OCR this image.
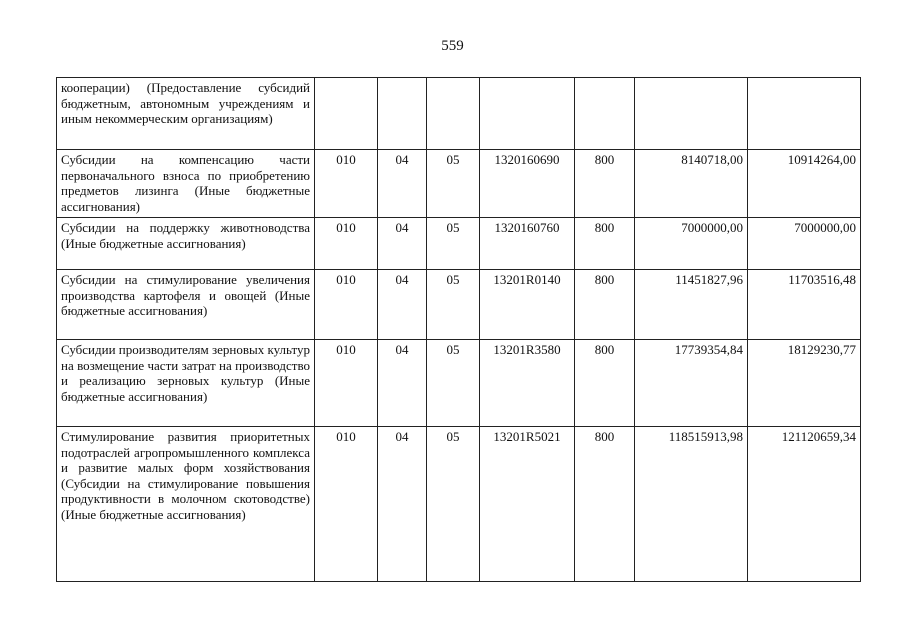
559
кооперации) (Предоставление субсидий бюджетным, автономным учреждениям и иным некоммерческим организациям)							
Субсидии на компенсацию части первоначального взноса по приобретению предметов лизинга (Иные бюджетные ассигнования)	010	04	05	1320160690	800	8140718,00	10914264,00
Субсидии на поддержку животноводства (Иные бюджетные ассигнования)	010	04	05	1320160760	800	7000000,00	7000000,00
Субсидии на стимулирование увеличения производства картофеля и овощей (Иные бюджетные ассигнования)	010	04	05	13201R0140	800	11451827,96	11703516,48
Субсидии производителям зерновых культур на возмещение части затрат на производство и реализацию зерновых культур (Иные бюджетные ассигнования)	010	04	05	13201R3580	800	17739354,84	18129230,77
Стимулирование развития приоритетных подотраслей агропромышленного комплекса и развитие малых форм хозяйствования (Субсидии на стимулирование повышения продуктивности в молочном скотоводстве) (Иные бюджетные ассигнования)	010	04	05	13201R5021	800	118515913,98	121120659,34
